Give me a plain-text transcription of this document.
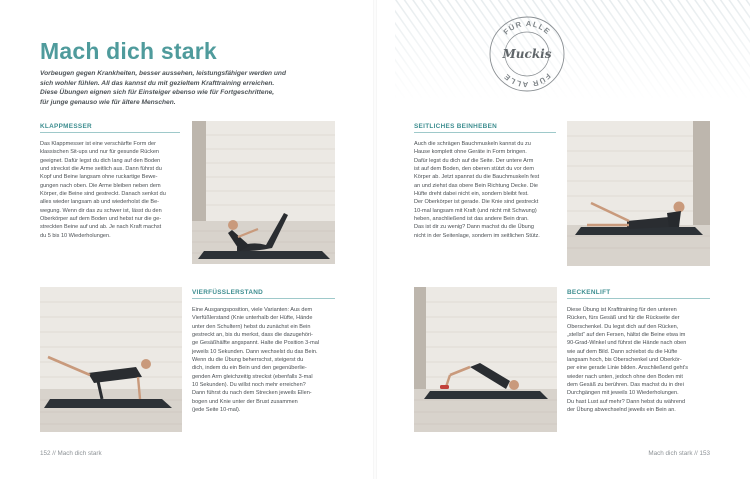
Mach dich stark
Vorbeugen gegen Krankheiten, besser aussehen, leistungsfähiger werden und
sich wohler fühlen. All das kannst du mit gezieltem Krafttraining erreichen.
Diese Übungen eignen sich für Einsteiger ebenso wie für Fortgeschrittene,
für junge genauso wie für ältere Menschen.
KLAPPMESSER
Das Klappmesser ist eine verschärfte Form der
klassischen Sit-ups und nur für gesunde Rücken
geeignet. Dafür legst du dich lang auf den Boden
und streckst die Arme seitlich aus. Dann führst du
Kopf und Beine langsam ohne ruckartige Bewe-
gungen nach oben. Die Arme bleiben neben dem
Körper, die Beine sind gestreckt. Danach senkst du
alles wieder langsam ab und wiederholst die Be-
wegung. Wenn dir das zu schwer ist, lässt du den
Oberkörper auf dem Boden und hebst nur die ge-
streckten Beine auf und ab. Je nach Kraft machst
du 5 bis 10 Wiederholungen.
VIERFÜSSLERSTAND
Eine Ausgangsposition, viele Varianten: Aus dem
Vierfüßlerstand (Knie unterhalb der Hüfte, Hände
unter den Schultern) hebst du zunächst ein Bein
gestreckt an, bis du merkst, dass die dazugehöri-
ge Gesäßhälfte angspannt. Halte die Position 3-mal
jeweils 10 Sekunden. Dann wechselst du das Bein.
Wenn du die Übung beherrschst, steigerst du
dich, indem du ein Bein und den gegenüberlie-
genden Arm gleichzeitig streckst (ebenfalls 3-mal
10 Sekunden). Du willst noch mehr erreichen?
Dann führst du nach dem Strecken jeweils Ellen-
bogen und Knie unter der Brust zusammen
(jede Seite 10-mal).
152 // Mach dich stark
FÜR ALLE
FÜR ALLE
Muckis
SEITLICHES BEINHEBEN
Auch die schrägen Bauchmuskeln kannst du zu
Hause komplett ohne Geräte in Form bringen.
Dafür legst du dich auf die Seite. Der untere Arm
ist auf dem Boden, den oberen stützt du vor dem
Körper ab. Jetzt spannst du die Bauchmuskeln fest
an und ziehst das obere Bein Richtung Decke. Die
Hüfte dreht dabei nicht ein, sondern bleibt fest.
Der Oberkörper ist gerade. Die Knie sind gestreckt
10-mal langsam mit Kraft (und nicht mit Schwung)
heben, anschließend ist das andere Bein dran.
Das ist dir zu wenig? Dann machst du die Übung
nicht in der Seitenlage, sondern im seitlichen Stütz.
BECKENLIFT
Diese Übung ist Krafttraining für den unteren
Rücken, fürs Gesäß und für die Rückseite der
Oberschenkel. Du legst dich auf den Rücken,
„stellst“ auf den Fersen, hältst die Beine etwa im
90-Grad-Winkel und führst die Hände nach oben
wie auf dem Bild. Dann schiebst du die Hüfte
langsam hoch, bis Oberschenkel und Oberkör-
per eine gerade Linie bilden. Anschließend geht's
wieder nach unten, jedoch ohne den Boden mit
dem Gesäß zu berühren. Das machst du in drei
Durchgängen mit jeweils 10 Wiederholungen.
Du hast Lust auf mehr? Dann hebst du während
der Übung abwechselnd jeweils ein Bein an.
Mach dich stark // 153
